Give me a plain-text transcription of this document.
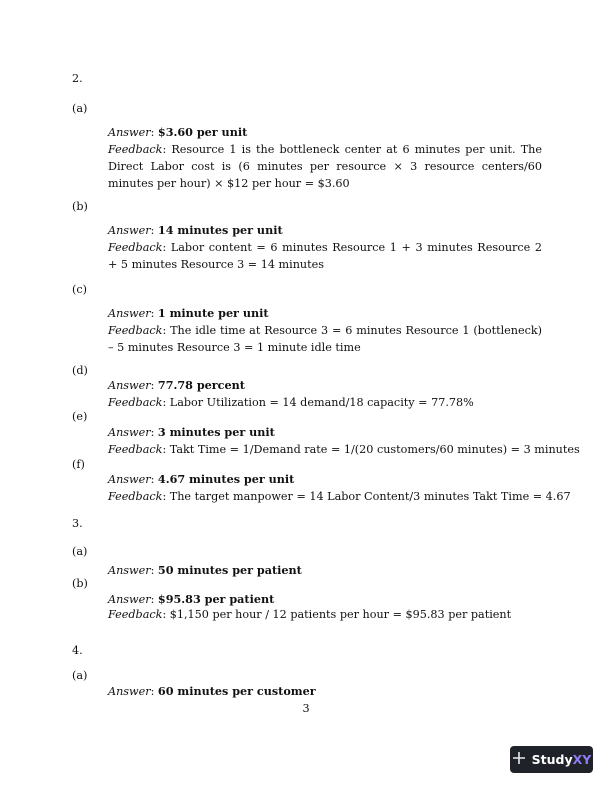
2.
(a)
Answer: $3.60 per unit
Feedback: Resource 1 is the bottleneck center at 6 minutes per unit. The Direct Labor cost is (6 minutes per resource × 3 resource centers/60 minutes per hour) × $12 per hour = $3.60
(b)
Answer: 14 minutes per unit
Feedback: Labor content = 6 minutes Resource 1 + 3 minutes Resource 2 + 5 minutes Resource 3 = 14 minutes
(c)
Answer: 1 minute per unit
Feedback: The idle time at Resource 3 = 6 minutes Resource 1 (bottleneck) – 5 minutes Resource 3 = 1 minute idle time
(d)
Answer: 77.78 percent
Feedback: Labor Utilization = 14 demand/18 capacity = 77.78%
(e)
Answer: 3 minutes per unit
Feedback: Takt Time = 1/Demand rate = 1/(20 customers/60 minutes) = 3 minutes
(f)
Answer: 4.67 minutes per unit
Feedback: The target manpower = 14 Labor Content/3 minutes Takt Time = 4.67
3.
(a)
Answer: 50 minutes per patient
(b)
Answer: $95.83 per patient
Feedback: $1,150 per hour / 12 patients per hour = $95.83 per patient
4.
(a)
Answer: 60 minutes per customer
3
StudyXY
